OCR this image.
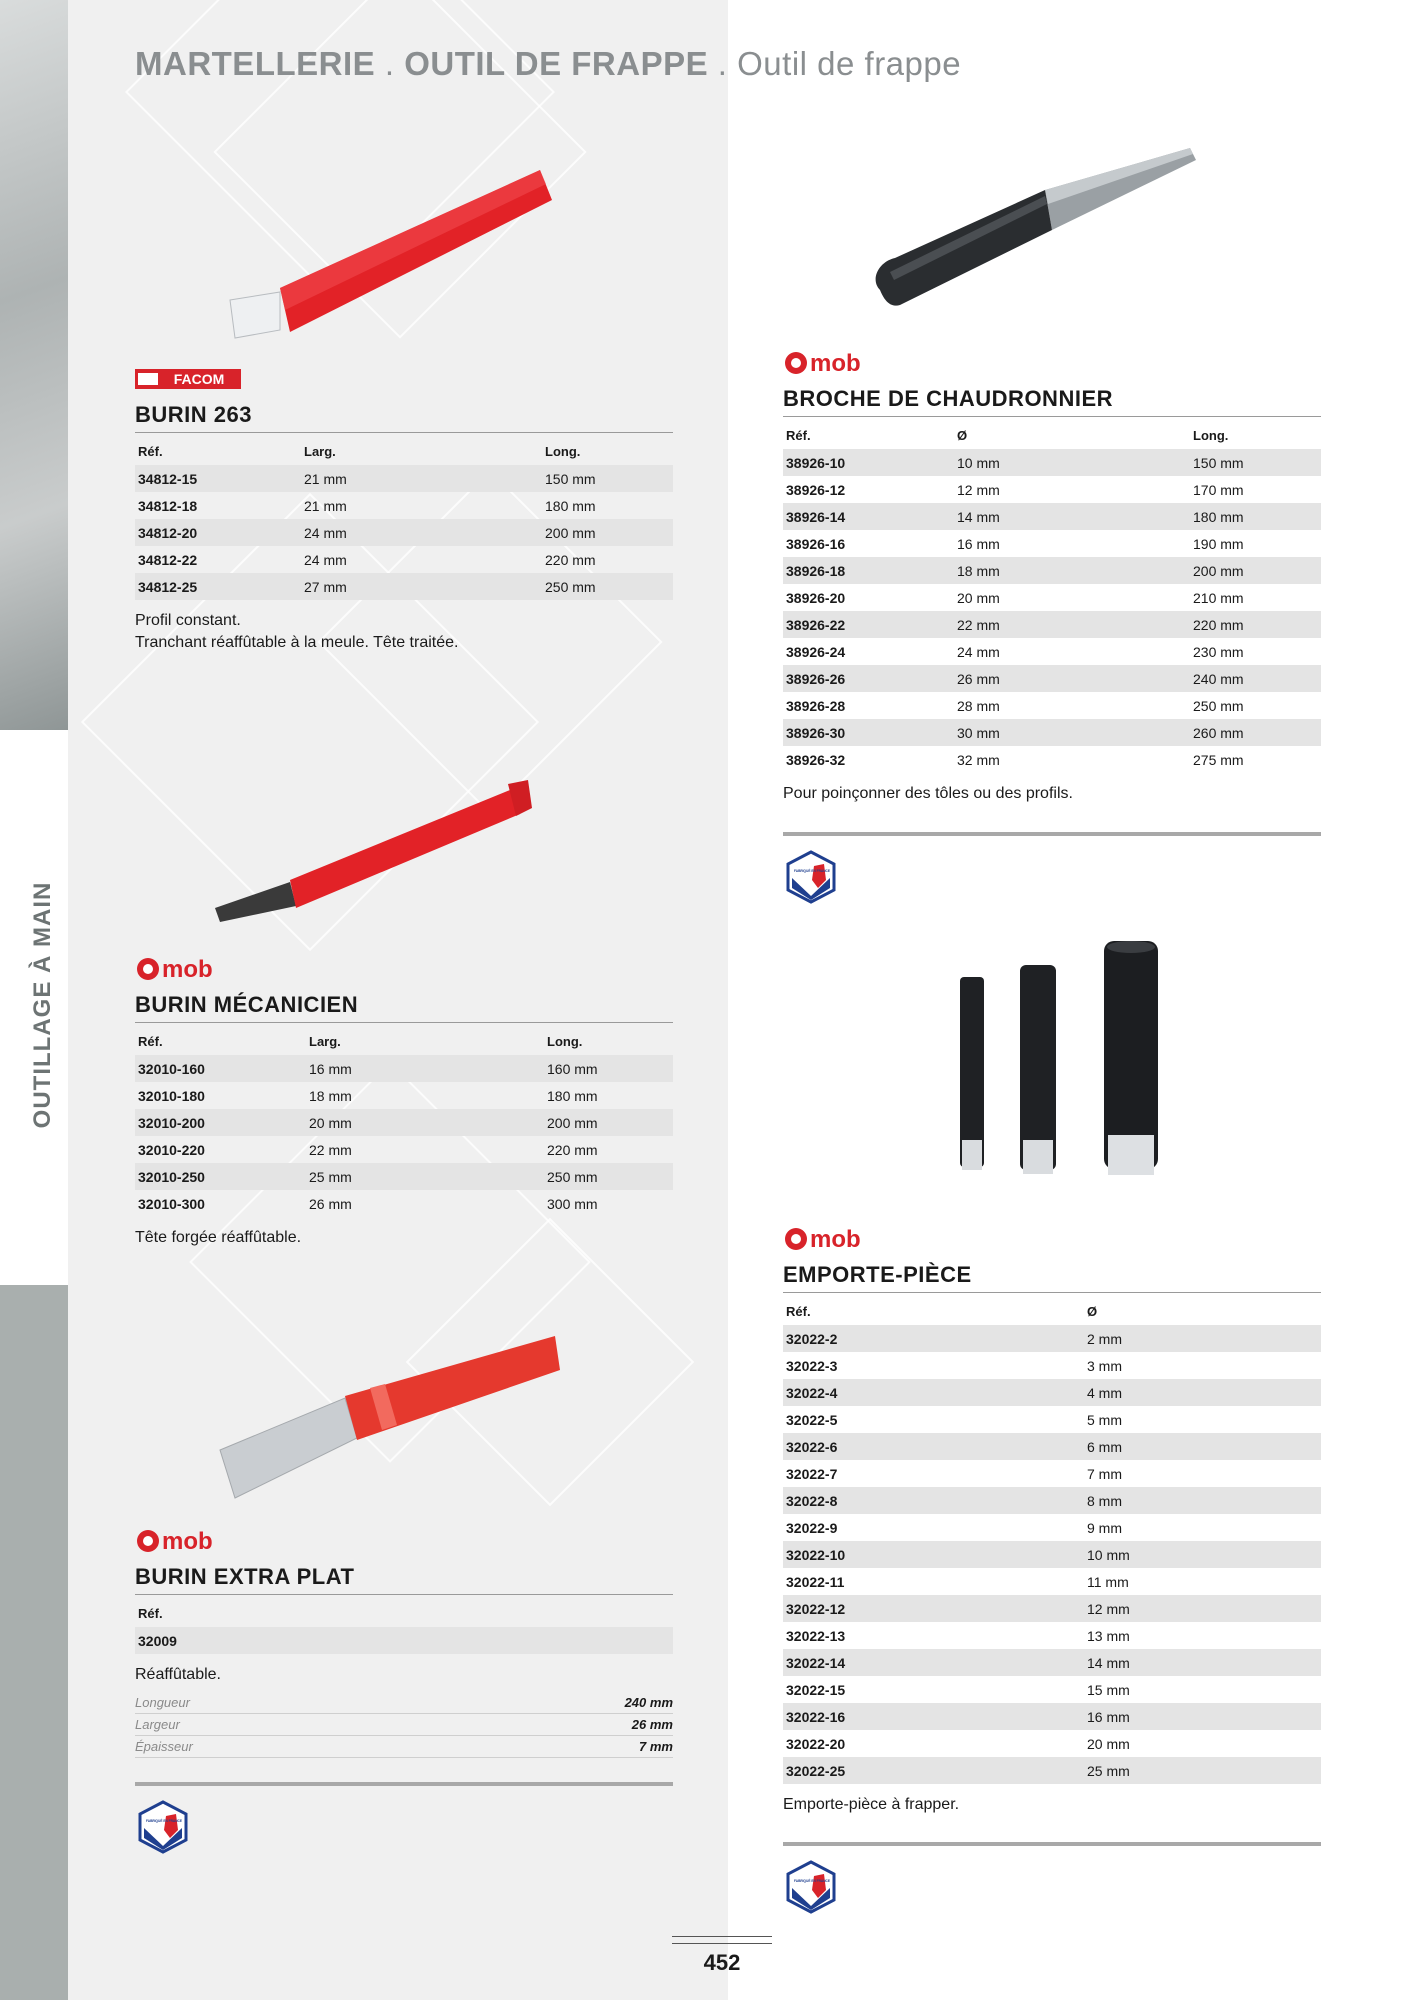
OUTILLAGE À MAIN
MARTELLERIE . OUTIL DE FRAPPE . Outil de frappe
FACOM
BURIN 263
Réf.	Larg.	Long.
34812-15	21 mm	150 mm
34812-18	21 mm	180 mm
34812-20	24 mm	200 mm
34812-22	24 mm	220 mm
34812-25	27 mm	250 mm
Profil constant.
Tranchant réaffûtable à la meule. Tête traitée.
mob
BURIN MÉCANICIEN
Réf.	Larg.	Long.
32010-160	16 mm	160 mm
32010-180	18 mm	180 mm
32010-200	20 mm	200 mm
32010-220	22 mm	220 mm
32010-250	25 mm	250 mm
32010-300	26 mm	300 mm
Tête forgée réaffûtable.
mob
BURIN EXTRA PLAT
Réf.
32009
Réaffûtable.
Longueur	240 mm
Largeur	26 mm
Épaisseur	7 mm
FABRIQUÉ EN FRANCE
mob
BROCHE DE CHAUDRONNIER
Réf.	Ø	Long.
38926-10	10 mm	150 mm
38926-12	12 mm	170 mm
38926-14	14 mm	180 mm
38926-16	16 mm	190 mm
38926-18	18 mm	200 mm
38926-20	20 mm	210 mm
38926-22	22 mm	220 mm
38926-24	24 mm	230 mm
38926-26	26 mm	240 mm
38926-28	28 mm	250 mm
38926-30	30 mm	260 mm
38926-32	32 mm	275 mm
Pour poinçonner des tôles ou des profils.
FABRIQUÉ EN FRANCE
mob
EMPORTE-PIÈCE
Réf.	Ø
32022-2	2 mm
32022-3	3 mm
32022-4	4 mm
32022-5	5 mm
32022-6	6 mm
32022-7	7 mm
32022-8	8 mm
32022-9	9 mm
32022-10	10 mm
32022-11	11 mm
32022-12	12 mm
32022-13	13 mm
32022-14	14 mm
32022-15	15 mm
32022-16	16 mm
32022-20	20 mm
32022-25	25 mm
Emporte-pièce à frapper.
FABRIQUÉ EN FRANCE
452
